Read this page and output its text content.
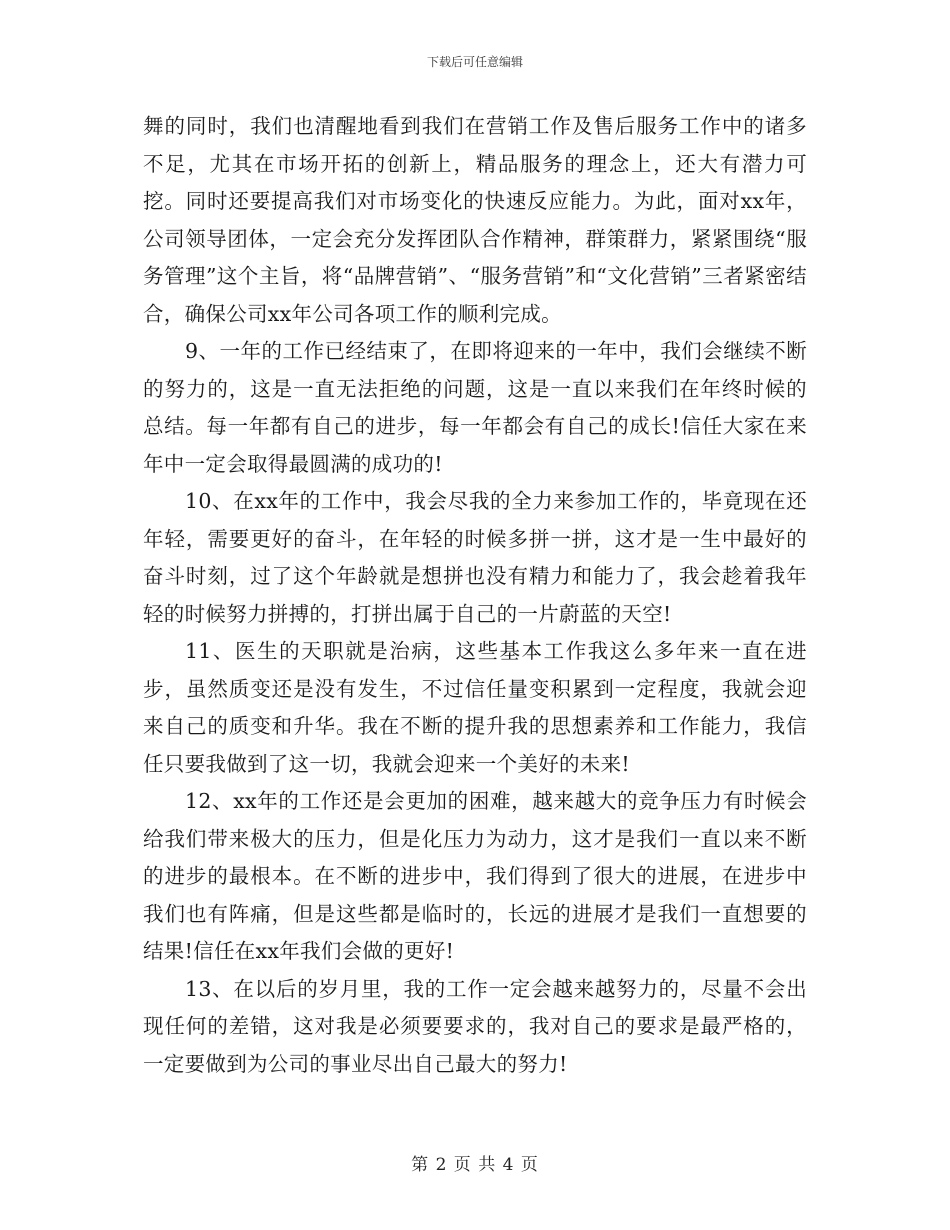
下载后可任意编辑

舞的同时，我们也清醒地看到我们在营销工作及售后服务工作中的诸多不足，尤其在市场开拓的创新上，精品服务的理念上，还大有潜力可挖。同时还要提高我们对市场变化的快速反应能力。为此，面对xx年，公司领导团体，一定会充分发挥团队合作精神，群策群力，紧紧围绕“服务管理”这个主旨，将“品牌营销”、“服务营销”和“文化营销”三者紧密结合，确保公司xx年公司各项工作的顺利完成。

9、一年的工作已经结束了，在即将迎来的一年中，我们会继续不断的努力的，这是一直无法拒绝的问题，这是一直以来我们在年终时候的总结。每一年都有自己的进步，每一年都会有自己的成长!信任大家在来年中一定会取得最圆满的成功的!

10、在xx年的工作中，我会尽我的全力来参加工作的，毕竟现在还年轻，需要更好的奋斗，在年轻的时候多拼一拼，这才是一生中最好的奋斗时刻，过了这个年龄就是想拼也没有精力和能力了，我会趁着我年轻的时候努力拼搏的，打拼出属于自己的一片蔚蓝的天空!

11、医生的天职就是治病，这些基本工作我这么多年来一直在进步，虽然质变还是没有发生，不过信任量变积累到一定程度，我就会迎来自己的质变和升华。我在不断的提升我的思想素养和工作能力，我信任只要我做到了这一切，我就会迎来一个美好的未来!

12、xx年的工作还是会更加的困难，越来越大的竞争压力有时候会给我们带来极大的压力，但是化压力为动力，这才是我们一直以来不断的进步的最根本。在不断的进步中，我们得到了很大的进展，在进步中我们也有阵痛，但是这些都是临时的，长远的进展才是我们一直想要的结果!信任在xx年我们会做的更好!

13、在以后的岁月里，我的工作一定会越来越努力的，尽量不会出现任何的差错，这对我是必须要要求的，我对自己的要求是最严格的，一定要做到为公司的事业尽出自己最大的努力!

第 2 页 共 4 页
